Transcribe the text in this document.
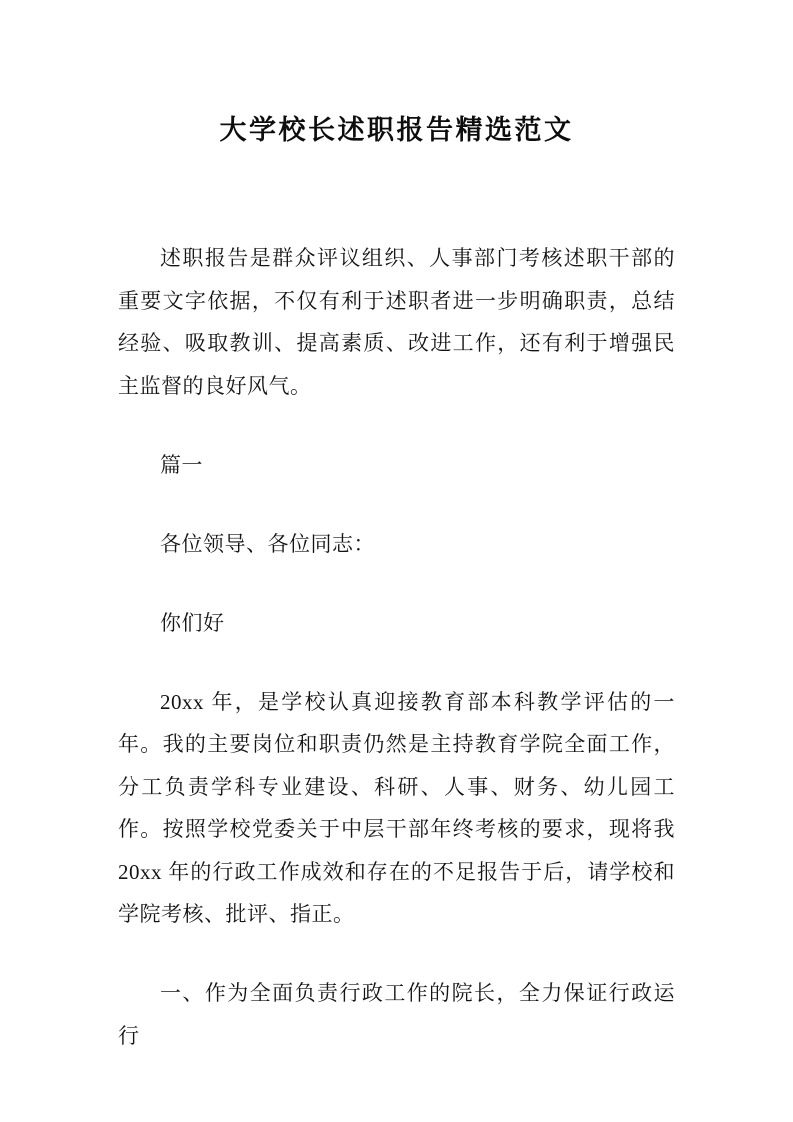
大学校长述职报告精选范文

述职报告是群众评议组织、人事部门考核述职干部的重要文字依据，不仅有利于述职者进一步明确职责，总结经验、吸取教训、提高素质、改进工作，还有利于增强民主监督的良好风气。

篇一

各位领导、各位同志：

你们好

20xx 年，是学校认真迎接教育部本科教学评估的一年。我的主要岗位和职责仍然是主持教育学院全面工作，分工负责学科专业建设、科研、人事、财务、幼儿园工作。按照学校党委关于中层干部年终考核的要求，现将我 20xx 年的行政工作成效和存在的不足报告于后，请学校和学院考核、批评、指正。

一、作为全面负责行政工作的院长，全力保证行政运行
